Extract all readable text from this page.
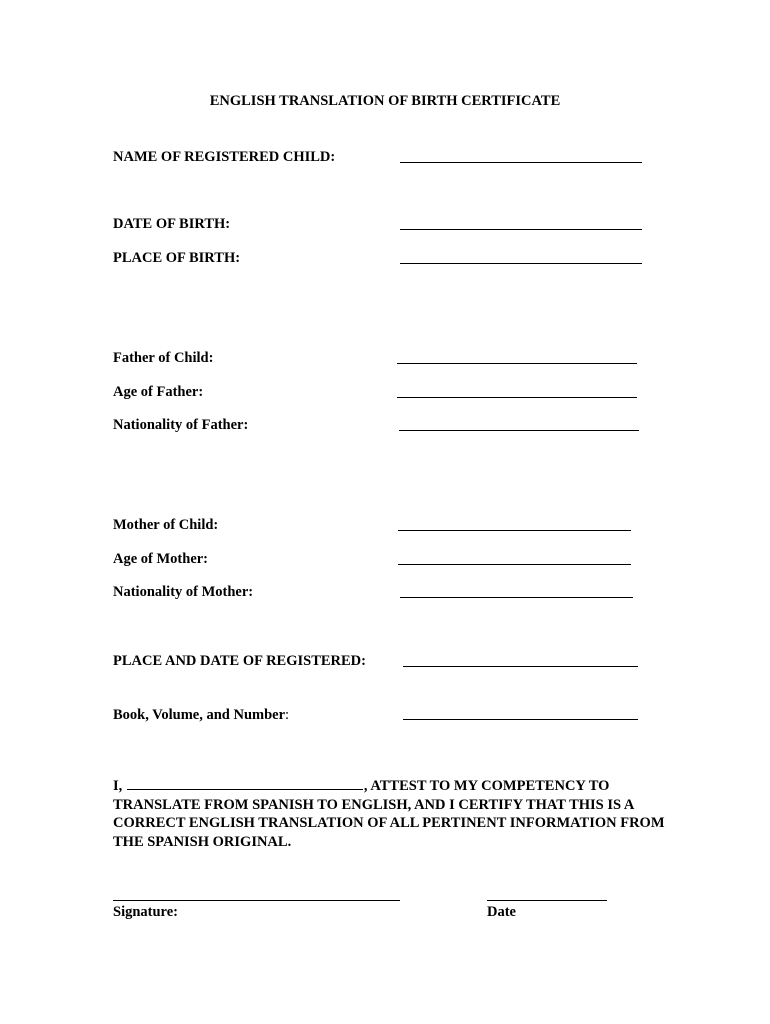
ENGLISH TRANSLATION OF BIRTH CERTIFICATE
NAME OF REGISTERED CHILD:
DATE OF BIRTH:
PLACE OF BIRTH:
Father of Child:
Age of Father:
Nationality of Father:
Mother of Child:
Age of Mother:
Nationality of Mother:
PLACE AND DATE OF REGISTERED:
Book, Volume, and Number:
I,	, ATTEST TO MY COMPETENCY TO TRANSLATE FROM SPANISH TO ENGLISH, AND I CERTIFY THAT THIS IS A CORRECT ENGLISH TRANSLATION OF ALL PERTINENT INFORMATION FROM THE SPANISH ORIGINAL.
Signature:	Date
